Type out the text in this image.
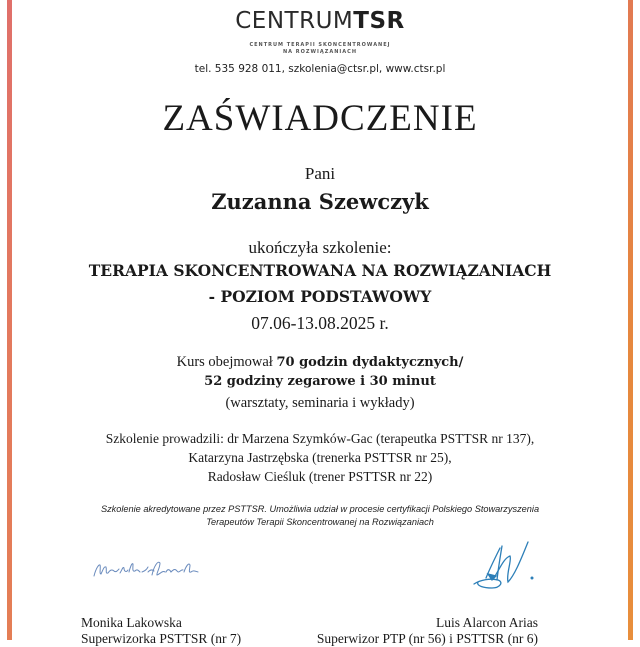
CENTRUMTSR
CENTRUM TERAPII SKONCENTROWANEJ
NA ROZWIĄZANIACH
tel. 535 928 011, szkolenia@ctsr.pl, www.ctsr.pl
ZAŚWIADCZENIE
Pani
Zuzanna Szewczyk
ukończyła szkolenie:
TERAPIA SKONCENTROWANA NA ROZWIĄZANIACH
- POZIOM PODSTAWOWY
07.06-13.08.2025 r.
Kurs obejmował 70 godzin dydaktycznych/
52 godziny zegarowe i 30 minut
(warsztaty, seminaria i wykłady)
Szkolenie prowadzili: dr Marzena Szymków-Gac (terapeutka PSTTSR nr 137),
Katarzyna Jastrzębska (trenerka PSTTSR nr 25),
Radosław Cieśluk (trener PSTTSR nr 22)
Szkolenie akredytowane przez PSTTSR. Umożliwia udział w procesie certyfikacji Polskiego Stowarzyszenia
Terapeutów Terapii Skoncentrowanej na Rozwiązaniach
Monika Lakowska
Superwizorka PSTTSR (nr 7)
Luis Alarcon Arias
Superwizor PTP (nr 56) i PSTTSR (nr 6)
